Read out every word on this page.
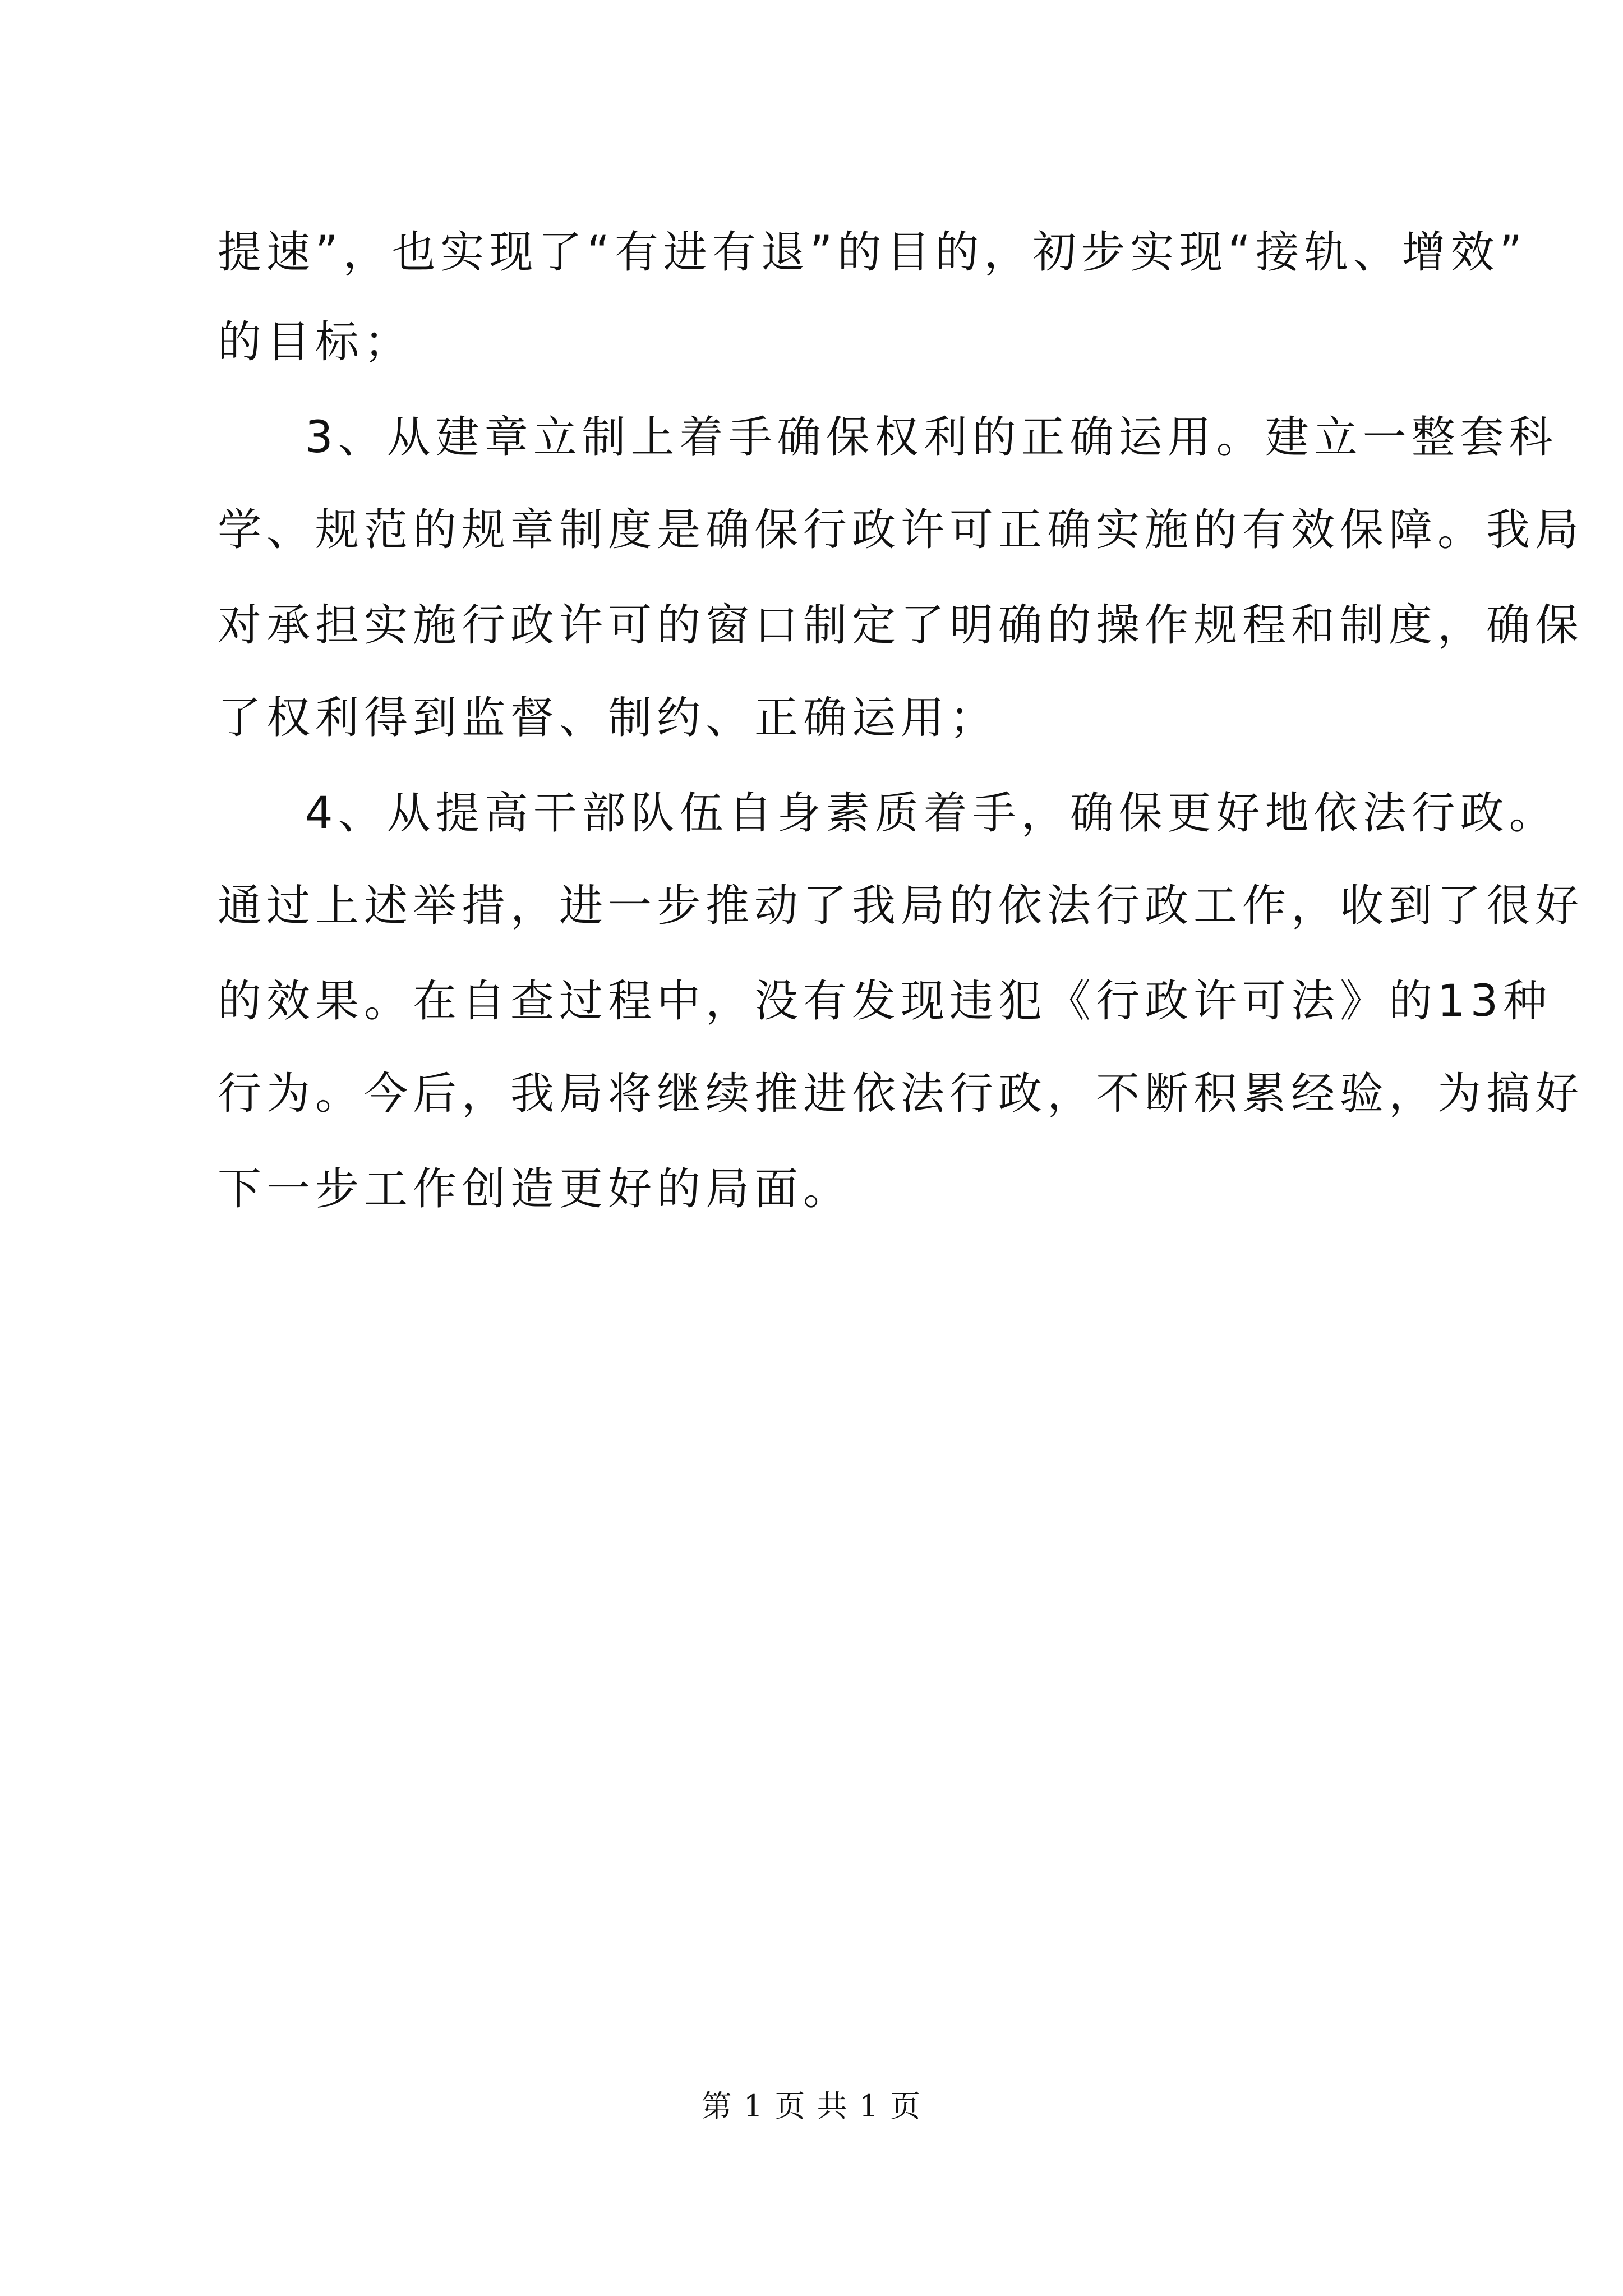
提速”，也实现了“有进有退”的目的，初步实现“接轨、增效”
的目标；
3、从建章立制上着手确保权利的正确运用。建立一整套科
学、规范的规章制度是确保行政许可正确实施的有效保障。我局
对承担实施行政许可的窗口制定了明确的操作规程和制度，确保
了权利得到监督、制约、正确运用；
4、从提高干部队伍自身素质着手，确保更好地依法行政。
通过上述举措，进一步推动了我局的依法行政工作，收到了很好
的效果。在自查过程中，没有发现违犯《行政许可法》的13种
行为。今后，我局将继续推进依法行政，不断积累经验，为搞好
下一步工作创造更好的局面。
第 1 页 共 1 页
